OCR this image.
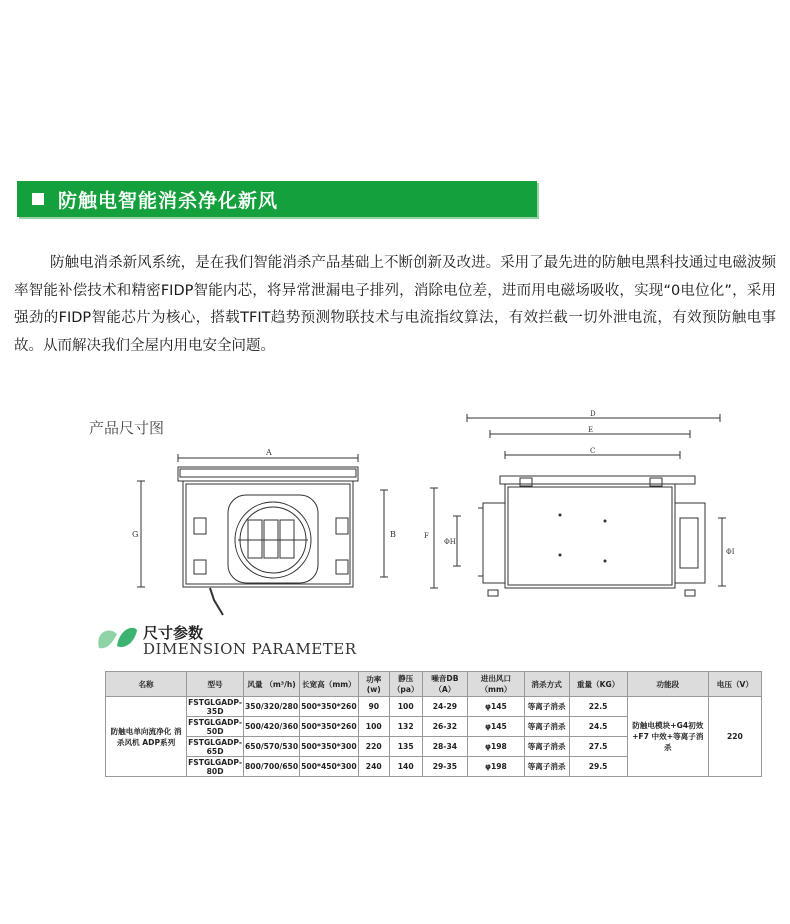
防触电智能消杀净化新风

防触电消杀新风系统，是在我们智能消杀产品基础上不断创新及改进。采用了最先进的防触电黑科技通过电磁波频率智能补偿技术和精密FIDP智能内芯，将异常泄漏电子排列，消除电位差，进而用电磁场吸收，实现“0电位化”，采用强劲的FIDP智能芯片为核心，搭载TFIT趋势预测物联技术与电流指纹算法，有效拦截一切外泄电流，有效预防触电事故。从而解决我们全屋内用电安全问题。

产品尺寸图
A
G	B
D
E
C
F
ΦH
ΦI
尺寸参数
DIMENSION PARAMETER
名称	型号	风量 （m³/h)	长宽高（mm）	功率(w)	静压（pa）	噪音DB（A）	进出风口 （mm）	消杀方式	重量（KG）	功能段	电压（V）
防触电单向流净化 消杀风机 ADP系列	FSTGLGADP-35D	350/320/280	500*350*260	90	100	24-29	φ145	等离子消杀	22.5	防触电模块+G4初效+F7 中效+等离子消杀	220
	FSTGLGADP-50D	500/420/360	500*350*260	100	132	26-32	φ145	等离子消杀	24.5		
	FSTGLGADP-65D	650/570/530	500*350*300	220	135	28-34	φ198	等离子消杀	27.5		
	FSTGLGADP-80D	800/700/650	500*450*300	240	140	29-35	φ198	等离子消杀	29.5		
